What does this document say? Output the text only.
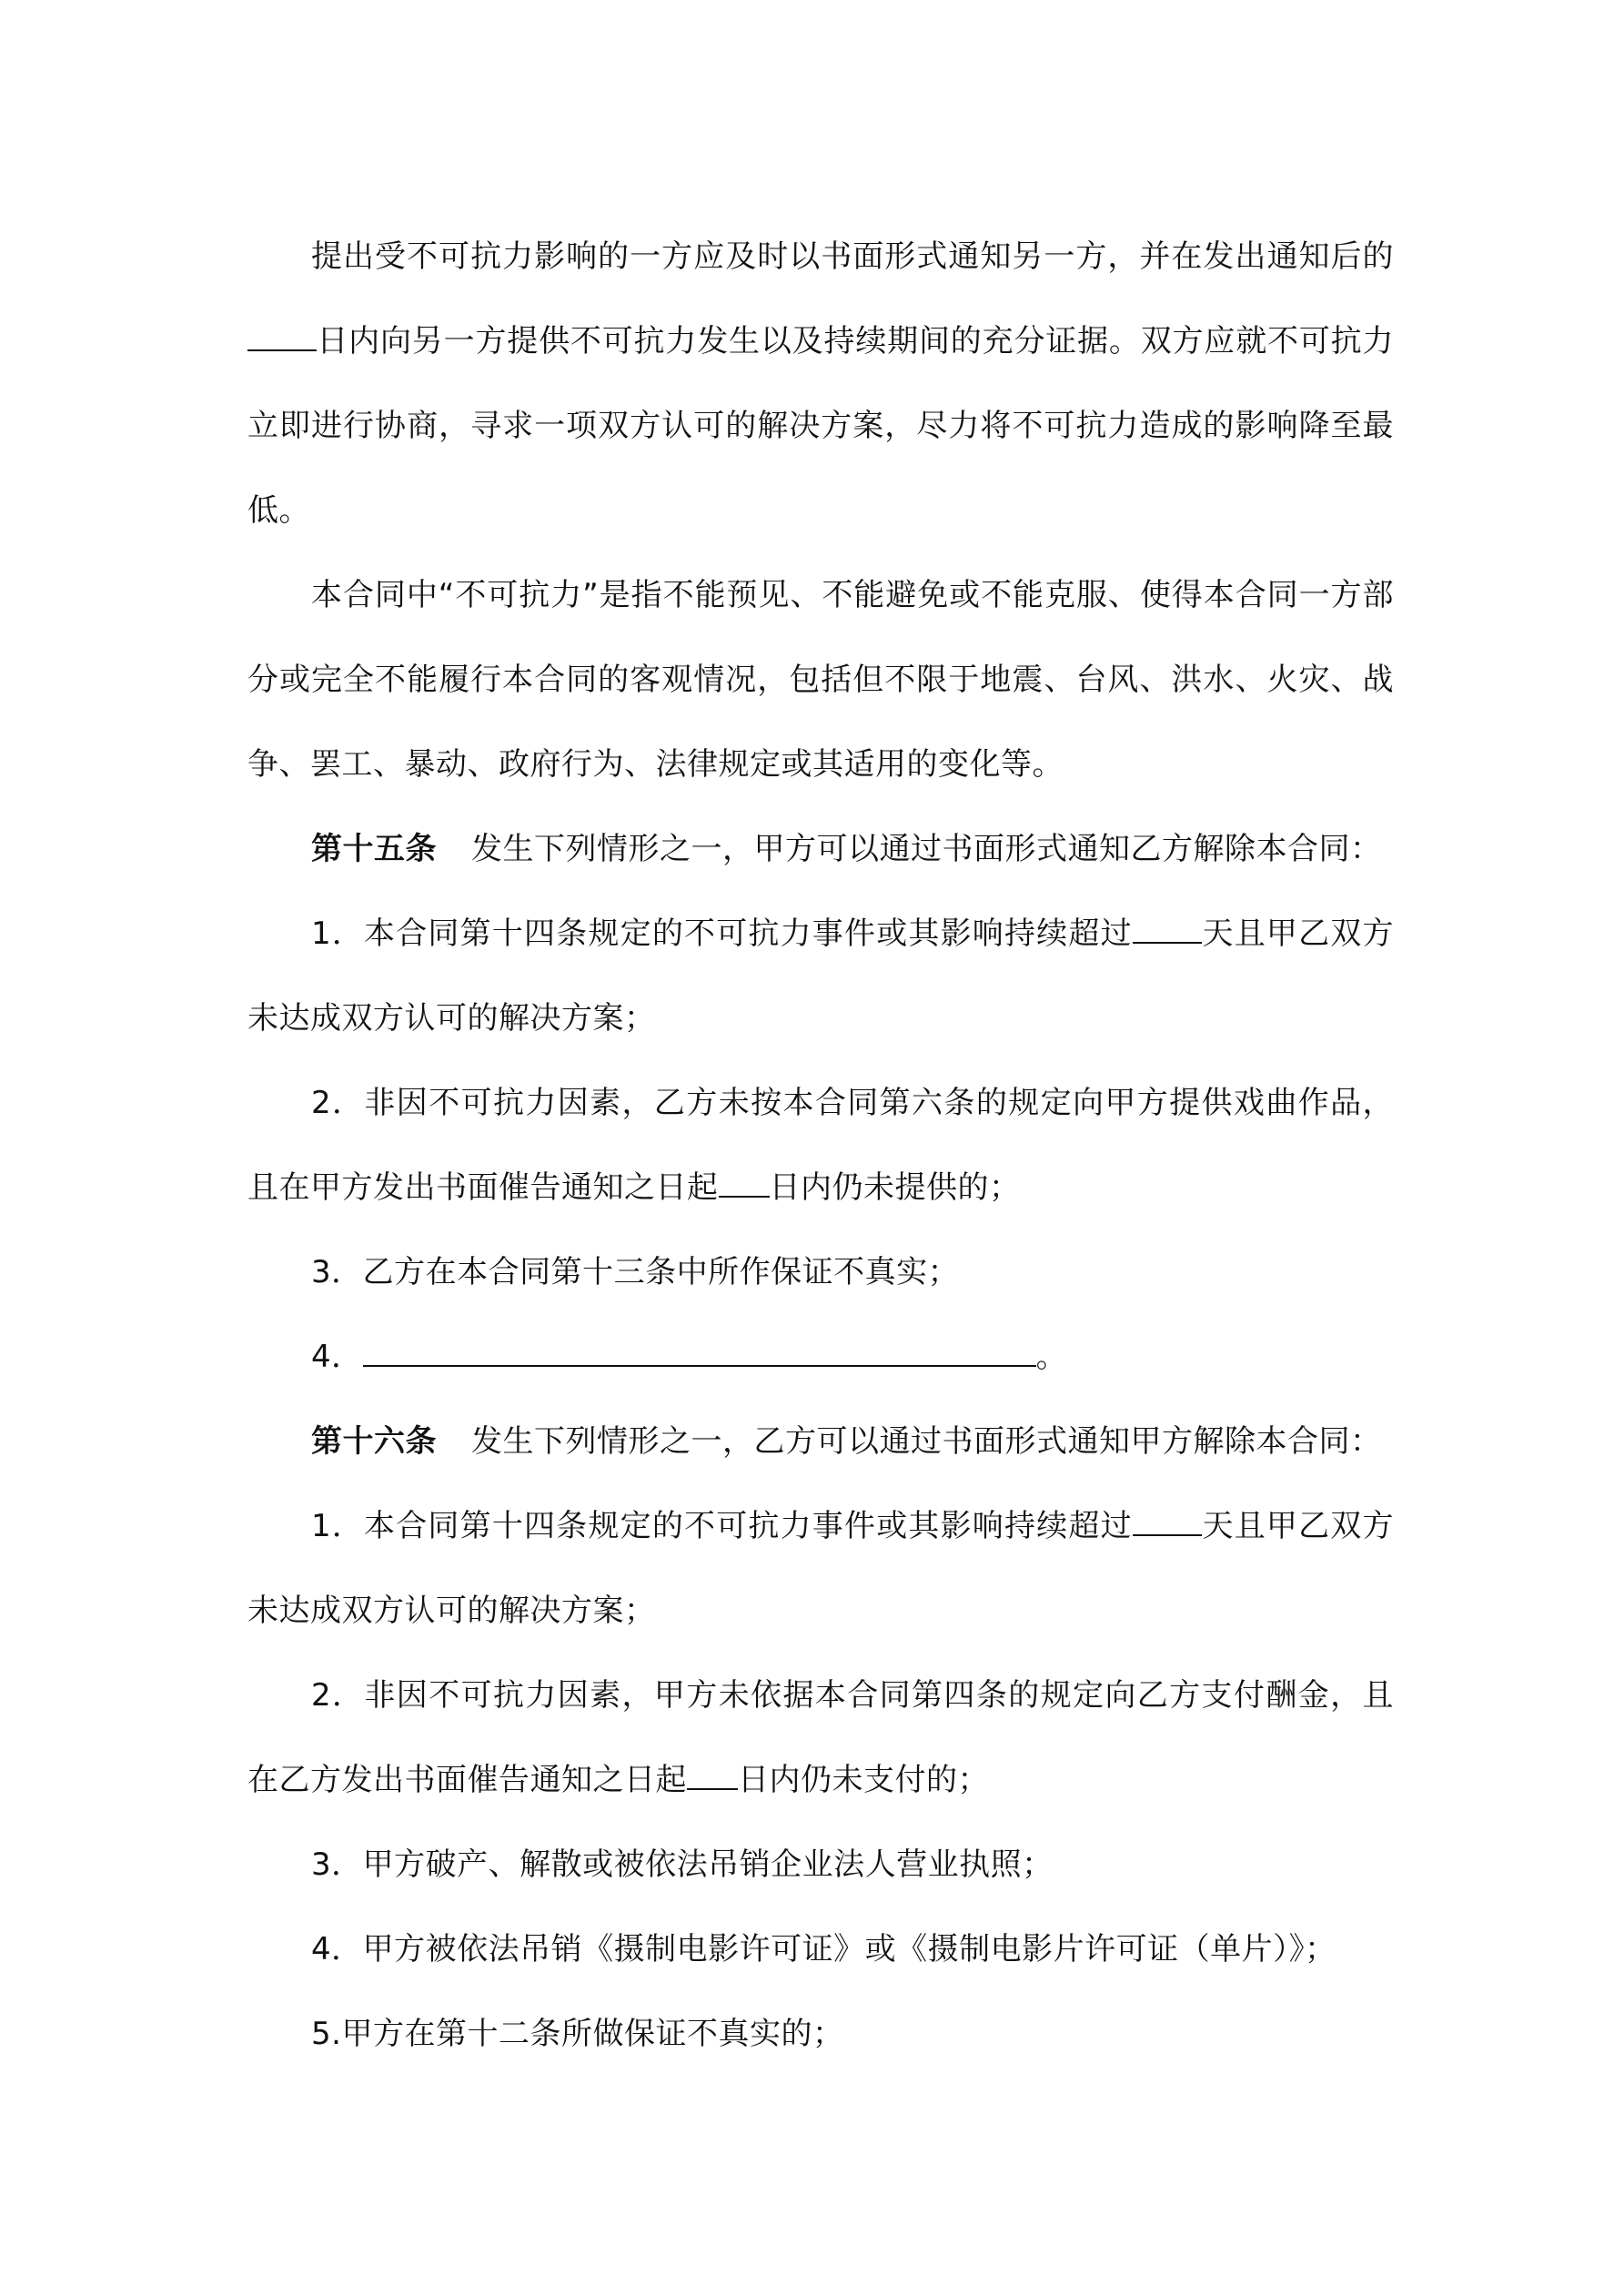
提出受不可抗力影响的一方应及时以书面形式通知另一方，并在发出通知后的日内向另一方提供不可抗力发生以及持续期间的充分证据。双方应就不可抗力立即进行协商，寻求一项双方认可的解决方案，尽力将不可抗力造成的影响降至最低。

本合同中“不可抗力”是指不能预见、不能避免或不能克服、使得本合同一方部分或完全不能履行本合同的客观情况，包括但不限于地震、台风、洪水、火灾、战争、罢工、暴动、政府行为、法律规定或其适用的变化等。

第十五条 发生下列情形之一，甲方可以通过书面形式通知乙方解除本合同：

1．本合同第十四条规定的不可抗力事件或其影响持续超过 天且甲乙双方未达成双方认可的解决方案；

2．非因不可抗力因素，乙方未按本合同第六条的规定向甲方提供戏曲作品，且在甲方发出书面催告通知之日起 日内仍未提供的；

3．乙方在本合同第十三条中所作保证不真实；

4．	。

第十六条 发生下列情形之一，乙方可以通过书面形式通知甲方解除本合同：

1．本合同第十四条规定的不可抗力事件或其影响持续超过 天且甲乙双方未达成双方认可的解决方案；

2．非因不可抗力因素，甲方未依据本合同第四条的规定向乙方支付酬金，且在乙方发出书面催告通知之日起 日内仍未支付的；

3．甲方破产、解散或被依法吊销企业法人营业执照；

4．甲方被依法吊销《摄制电影许可证》或《摄制电影片许可证（单片）》；

5.甲方在第十二条所做保证不真实的；
